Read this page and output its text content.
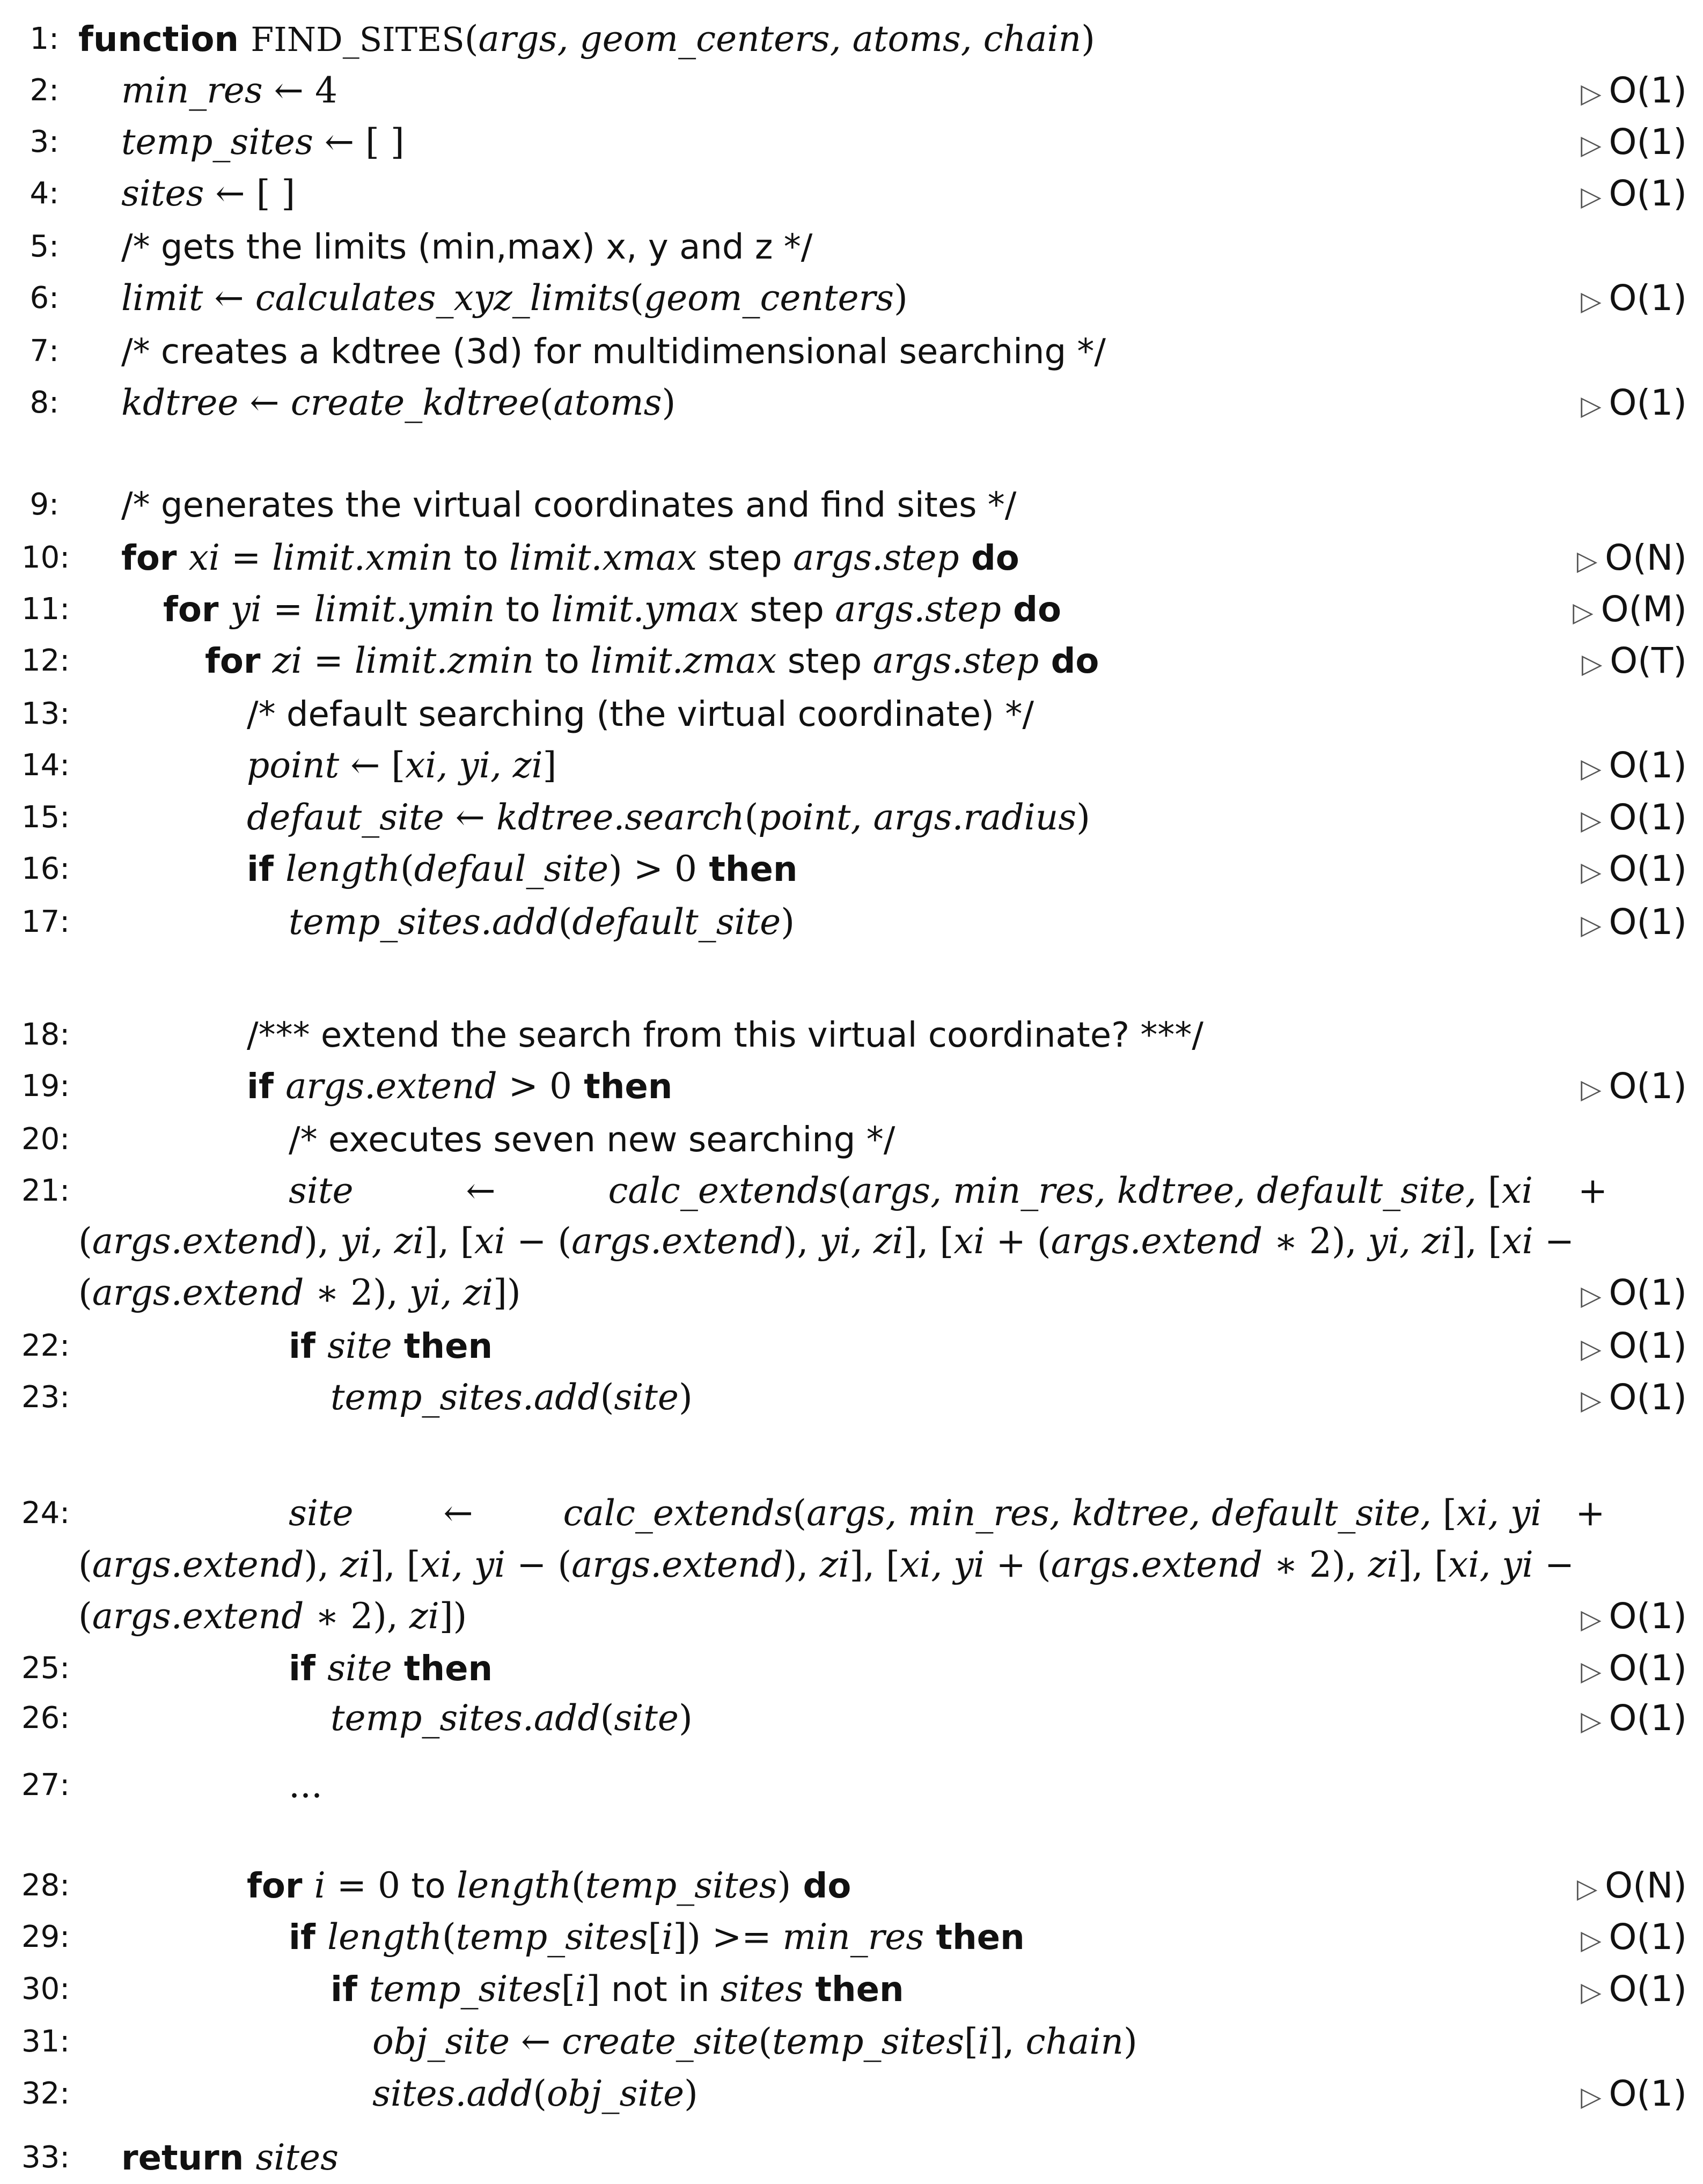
1: function FIND_SITES(args, geom_centers, atoms, chain)
2: min_res ← 4	▷ O(1)
3: temp_sites ← [ ]	▷ O(1)
4: sites ← [ ]	▷ O(1)
5: /* gets the limits (min,max) x, y and z */
6: limit ← calculates_xyz_limits(geom_centers)	▷ O(1)
7: /* creates a kdtree (3d) for multidimensional searching */
8: kdtree ← create_kdtree(atoms)	▷ O(1)
9: /* generates the virtual coordinates and find sites */
10: for xi = limit.xmin to limit.xmax step args.step do	▷ O(N)
11:	for yi = limit.ymin to limit.ymax step args.step do	▷ O(M)
12:	for zi = limit.zmin to limit.zmax step args.step do	▷ O(T)
13:	/* default searching (the virtual coordinate) */
14:	point ← [xi, yi, zi]	▷ O(1)
15:	defaut_site ← kdtree.search(point, args.radius)	▷ O(1)
16:	if length(defaul_site) > 0 then	▷ O(1)
17:	temp_sites.add(default_site)	▷ O(1)
18:	/*** extend the search from this virtual coordinate? ***/
19:	if args.extend > 0 then	▷ O(1)
20:	/* executes seven new searching */
21:	site          ←          calc_extends(args, min_res, kdtree, default_site, [xi    +
(args.extend), yi, zi], [xi − (args.extend), yi, zi], [xi + (args.extend ∗ 2), yi, zi], [xi −
(args.extend ∗ 2), yi, zi])	▷ O(1)
22:	if site then	▷ O(1)
23:	temp_sites.add(site)	▷ O(1)
24:	site        ←        calc_extends(args, min_res, kdtree, default_site, [xi, yi   +
(args.extend), zi], [xi, yi − (args.extend), zi], [xi, yi + (args.extend ∗ 2), zi], [xi, yi −
(args.extend ∗ 2), zi])	▷ O(1)
25:	if site then	▷ O(1)
26:	temp_sites.add(site)	▷ O(1)
27:	...
28:	for i = 0 to length(temp_sites) do	▷ O(N)
29:	if length(temp_sites[i]) >= min_res then	▷ O(1)
30:	if temp_sites[i] not in sites then	▷ O(1)
31:	obj_site ← create_site(temp_sites[i], chain)
32:	sites.add(obj_site)	▷ O(1)
33: return sites
